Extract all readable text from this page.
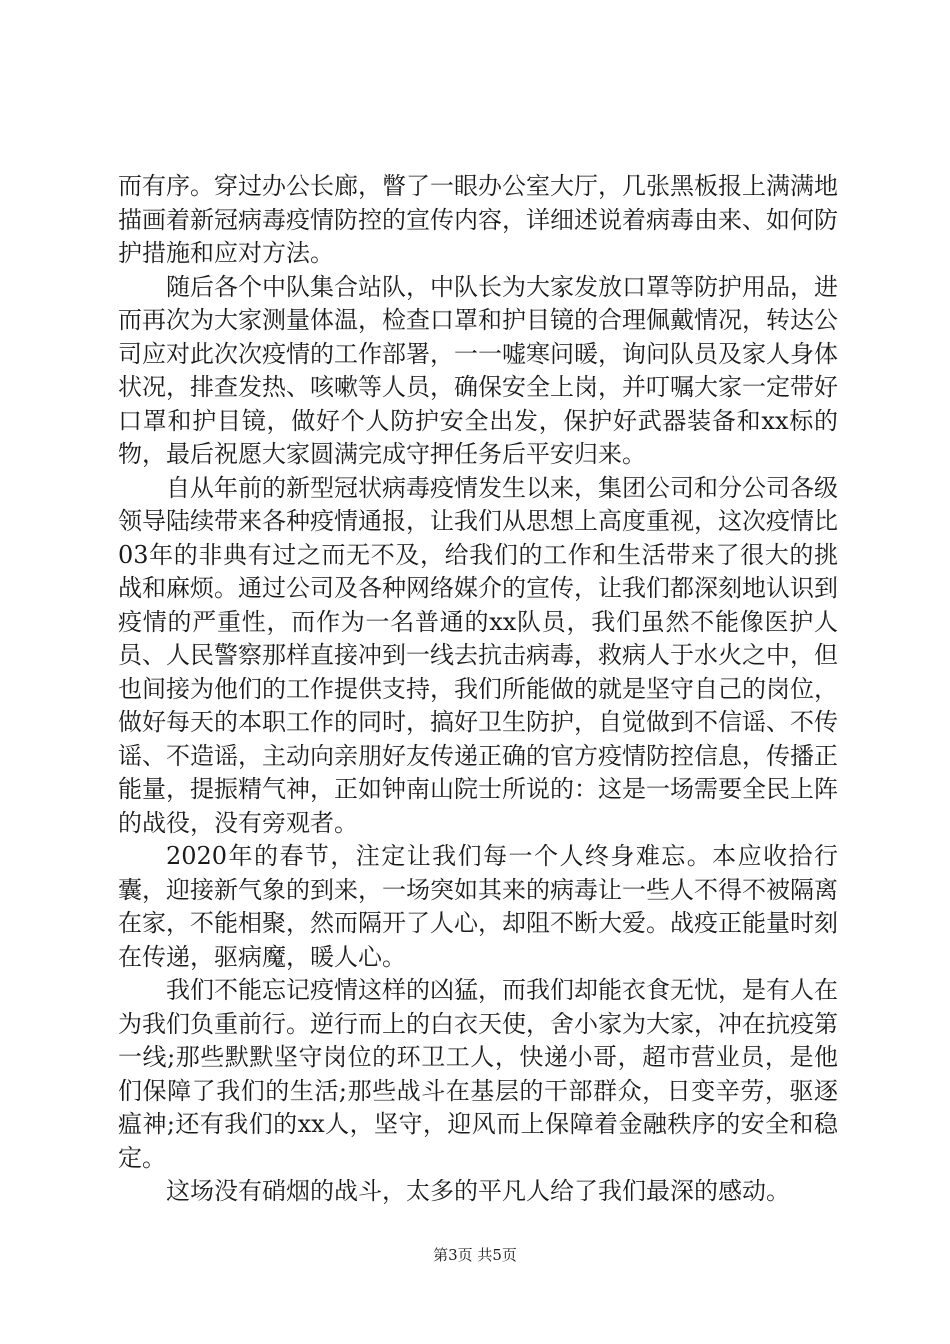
而有序。穿过办公长廊，瞥了一眼办公室大厅，几张黑板报上满满地描画着新冠病毒疫情防控的宣传内容，详细述说着病毒由来、如何防护措施和应对方法。

随后各个中队集合站队，中队长为大家发放口罩等防护用品，进而再次为大家测量体温，检查口罩和护目镜的合理佩戴情况，转达公司应对此次次疫情的工作部署，一一嘘寒问暖，询问队员及家人身体状况，排查发热、咳嗽等人员，确保安全上岗，并叮嘱大家一定带好口罩和护目镜，做好个人防护安全出发，保护好武器装备和xx标的物，最后祝愿大家圆满完成守押任务后平安归来。

自从年前的新型冠状病毒疫情发生以来，集团公司和分公司各级领导陆续带来各种疫情通报，让我们从思想上高度重视，这次疫情比03年的非典有过之而无不及，给我们的工作和生活带来了很大的挑战和麻烦。通过公司及各种网络媒介的宣传，让我们都深刻地认识到疫情的严重性，而作为一名普通的xx队员，我们虽然不能像医护人员、人民警察那样直接冲到一线去抗击病毒，救病人于水火之中，但也间接为他们的工作提供支持，我们所能做的就是坚守自己的岗位，做好每天的本职工作的同时，搞好卫生防护，自觉做到不信谣、不传谣、不造谣，主动向亲朋好友传递正确的官方疫情防控信息，传播正能量，提振精气神，正如钟南山院士所说的：这是一场需要全民上阵的战役，没有旁观者。

2020年的春节，注定让我们每一个人终身难忘。本应收拾行囊，迎接新气象的到来，一场突如其来的病毒让一些人不得不被隔离在家，不能相聚，然而隔开了人心，却阻不断大爱。战疫正能量时刻在传递，驱病魔，暖人心。

我们不能忘记疫情这样的凶猛，而我们却能衣食无忧，是有人在为我们负重前行。逆行而上的白衣天使，舍小家为大家，冲在抗疫第一线;那些默默坚守岗位的环卫工人，快递小哥，超市营业员，是他们保障了我们的生活;那些战斗在基层的干部群众，日变辛劳，驱逐瘟神;还有我们的xx人，坚守，迎风而上保障着金融秩序的安全和稳定。

这场没有硝烟的战斗，太多的平凡人给了我们最深的感动。

第3页 共5页
